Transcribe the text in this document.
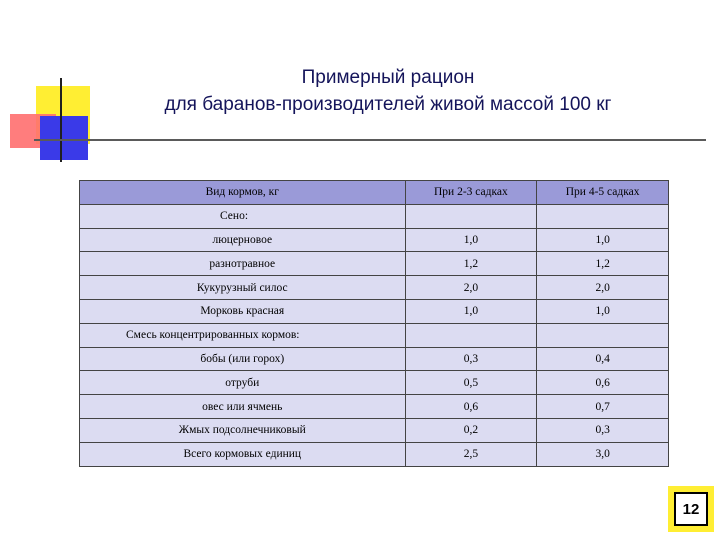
Примерный рацион
для баранов-производителей живой массой 100 кг
Вид кормов, кг	При 2-3 садках	При 4-5 садках
Сено:		
люцерновое	1,0	1,0
разнотравное	1,2	1,2
Кукурузный силос	2,0	2,0
Морковь красная	1,0	1,0
Смесь концентрированных кормов:		
бобы (или горох)	0,3	0,4
отруби	0,5	0,6
овес или ячмень	0,6	0,7
Жмых подсолнечниковый	0,2	0,3
Всего кормовых единиц	2,5	3,0
12
